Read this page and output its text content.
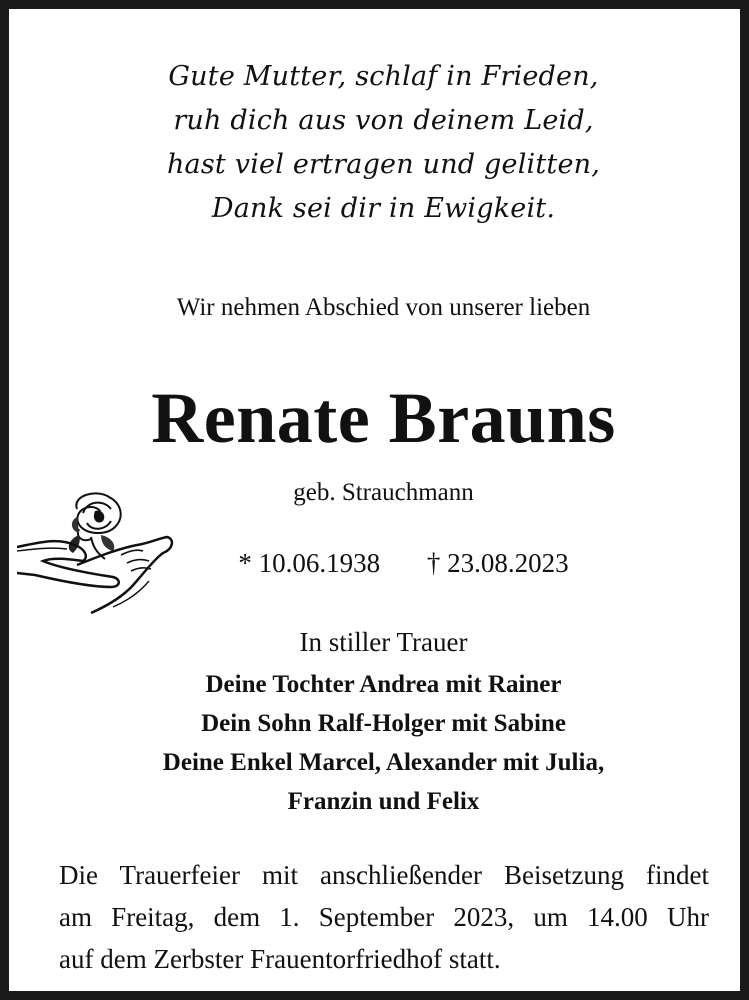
Gute Mutter, schlaf in Frieden,
ruh dich aus von deinem Leid,
hast viel ertragen und gelitten,
Dank sei dir in Ewigkeit.
Wir nehmen Abschied von unserer lieben
Renate Brauns
geb. Strauchmann
* 10.06.1938 † 23.08.2023
In stiller Trauer
Deine Tochter Andrea mit Rainer
Dein Sohn Ralf-Holger mit Sabine
Deine Enkel Marcel, Alexander mit Julia,
Franzin und Felix
Die Trauerfeier mit anschließender Beisetzung findet
am Freitag, dem 1. September 2023, um 14.00 Uhr
auf dem Zerbster Frauentorfriedhof statt.
